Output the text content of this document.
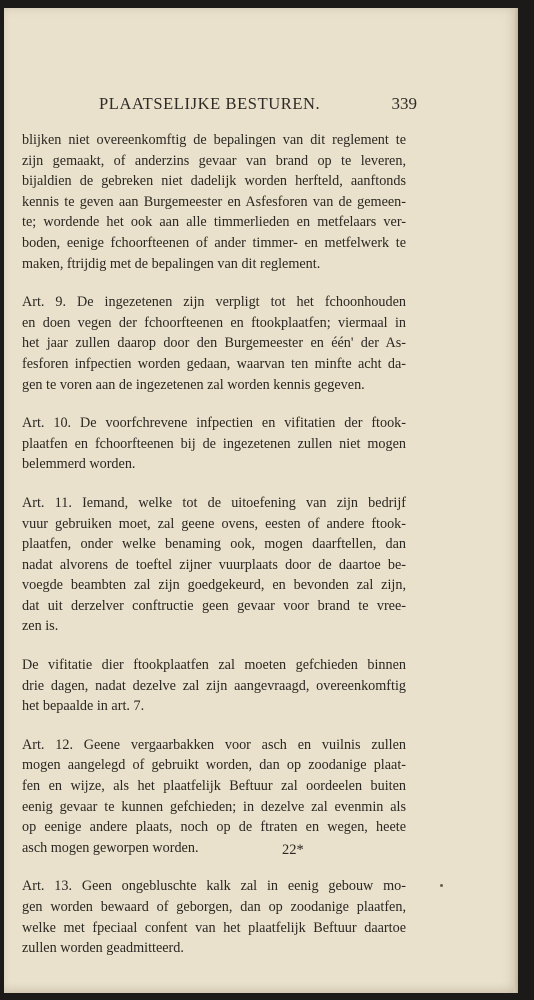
PLAATSELIJKE BESTUREN.	339
blijken niet overeenkomftig de bepalingen van dit reglement te
zijn gemaakt, of anderzins gevaar van brand op te leveren,
bijaldien de gebreken niet dadelijk worden herfteld, aanftonds
kennis te geven aan Burgemeester en Asfesforen van de gemeen-
te; wordende het ook aan alle timmerlieden en metfelaars ver-
boden, eenige fchoorfteenen of ander timmer- en metfelwerk te
maken, ftrijdig met de bepalingen van dit reglement.
Art. 9. De ingezetenen zijn verpligt tot het fchoonhouden
en doen vegen der fchoorfteenen en ftookplaatfen; viermaal in
het jaar zullen daarop door den Burgemeester en één' der As-
fesforen infpectien worden gedaan, waarvan ten minfte acht da-
gen te voren aan de ingezetenen zal worden kennis gegeven.
Art. 10. De voorfchrevene infpectien en vifitatien der ftook-
plaatfen en fchoorfteenen bij de ingezetenen zullen niet mogen
belemmerd worden.
Art. 11. Iemand, welke tot de uitoefening van zijn bedrijf
vuur gebruiken moet, zal geene ovens, eesten of andere ftook-
plaatfen, onder welke benaming ook, mogen daarftellen, dan
nadat alvorens de toeftel zijner vuurplaats door de daartoe be-
voegde beambten zal zijn goedgekeurd, en bevonden zal zijn,
dat uit derzelver conftructie geen gevaar voor brand te vree-
zen is.
De vifitatie dier ftookplaatfen zal moeten gefchieden binnen
drie dagen, nadat dezelve zal zijn aangevraagd, overeenkomftig
het bepaalde in art. 7.
Art. 12. Geene vergaarbakken voor asch en vuilnis zullen
mogen aangelegd of gebruikt worden, dan op zoodanige plaat-
fen en wijze, als het plaatfelijk Beftuur zal oordeelen buiten
eenig gevaar te kunnen gefchieden; in dezelve zal evenmin als
op eenige andere plaats, noch op de ftraten en wegen, heete
asch mogen geworpen worden.
Art. 13. Geen ongebluschte kalk zal in eenig gebouw mo-
gen worden bewaard of geborgen, dan op zoodanige plaatfen,
welke met fpeciaal confent van het plaatfelijk Beftuur daartoe
zullen worden geadmitteerd.
22*
